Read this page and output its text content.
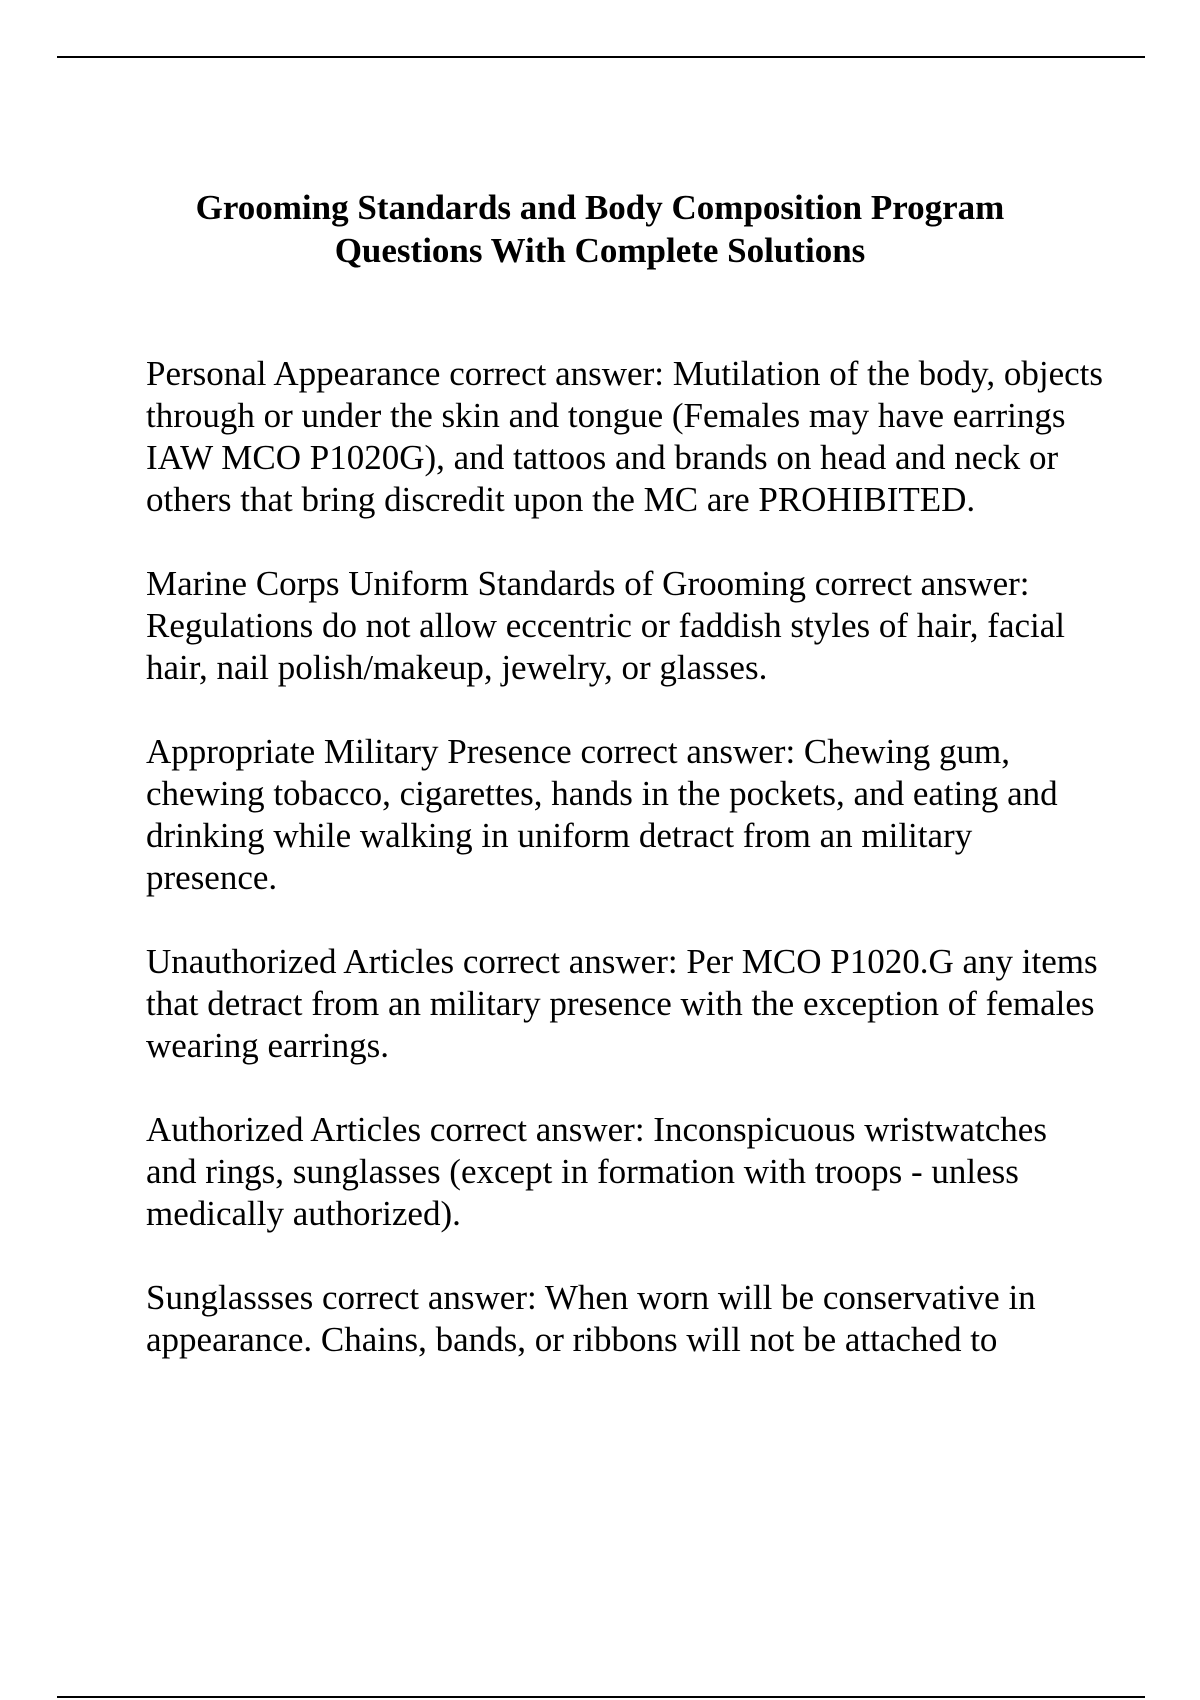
Grooming Standards and Body Composition Program
Questions With Complete Solutions

Personal Appearance correct answer: Mutilation of the body, objects through or under the skin and tongue (Females may have earrings IAW MCO P1020G), and tattoos and brands on head and neck or others that bring discredit upon the MC are PROHIBITED.

Marine Corps Uniform Standards of Grooming correct answer: Regulations do not allow eccentric or faddish styles of hair, facial hair, nail polish/makeup, jewelry, or glasses.

Appropriate Military Presence correct answer: Chewing gum, chewing tobacco, cigarettes, hands in the pockets, and eating and drinking while walking in uniform detract from an military presence.

Unauthorized Articles correct answer: Per MCO P1020.G any items that detract from an military presence with the exception of females wearing earrings.

Authorized Articles correct answer: Inconspicuous wristwatches and rings, sunglasses (except in formation with troops - unless medically authorized).

Sunglassses correct answer: When worn will be conservative in appearance. Chains, bands, or ribbons will not be attached to
